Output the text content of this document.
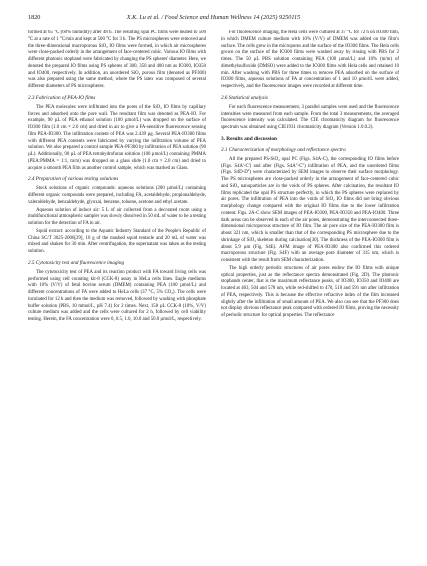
1820	X.K. Lu et al. / Food Science and Human Wellness 14 (2025) 9250115

formed at 65 °C (60% humidity) after 48 h. The resulting opal PC films were heated to 500 °C at a rate of 1 °C/min and kept at 500 °C for 3 h. The PS microspheres were removed and the three-dimensional macroporous SiO₂ IO films were formed, in which air microspheres were close-packed orderly in the arrangement of face-centered cubic. Various IO films with different photonic stopband were fabricated by changing the PS spheres' diameter. Here, we denoted the prepared IO films using PS spheres of 300, 350 and 400 nm as IO300, IO350 and IO400, respectively. In addition, an unordered SiO₂ porous film (denoted as PF300) was also prepared using the same method, where the PS latex was composed of several different diameters of PS microspheres.

2.3 Fabrication of PEA-IO films

The PEA molecules were infiltrated into the pores of the SiO₂ IO films by capillary forces and adsorbed onto the pore wall. The resultant film was denoted as PEA-IO. For example, 90 µL of PEA ethanol solution (100 µmol/L) was dropped on the surface of IO300 film (1.0 cm × 2.0 cm) and dried in air to give a FA-sensitive fluorescence sensing film PEA-IO300. The infiltration content of PEA was 2.439 µg. Several PEA-IO300 films with different PEA contents were fabricated by varying the infiltration volume of PEA solution. We also prepared a control sample PEA-PF300 by infiltration of PEA solution (90 µL). Additionally, 90 µL of PEA tetrahydrofuran solution (100 µmol/L) containing PMMA (PEA:PMMA = 1:1, m/m) was dropped on a glass slide (1.0 cm × 2.0 cm) and dried to acquire a smooth PEA film as another control sample, which was marked as Glass.

2.4 Preparation of various testing solutions

Stock solutions of organic compounds: aqueous solutions (200 µmol/L) containing different organic compounds were prepared, including FA, acetaldehyde, propionaldehyde, valeraldehyde, benzaldehyde, glyoxal, benzene, toluene, acetone and ethyl acetate.

Aqueous solution of indoor air: 5 L of air collected from a decorated room using a multifunctional atmospheric sampler was slowly dissolved in 50 mL of water to be a testing solution for the detection of FA in air.

Squid extract: according to the Aquatic Industry Standard of the People's Republic of China SC/T 3025-2006[29], 10 g of the mashed squid tentacle and 20 mL of water was mixed and shaken for 30 min. After centrifugation, the supernatant was taken as the testing solution.

2.5 Cytotoxicity test and fluorescence imaging

The cytotoxicity test of PEA and its reaction product with FA toward living cells was performed using cell counting kit-8 (CCK-8) assay in HeLa cells lines. Eagle mediums with 10% (V/V) of fetal bovine serum (DMEM) containing PEA (100 µmol/L) and different concentrations of FA were added to HeLa cells (37 °C, 5% CO₂). The cells were incubated for 12 h and then the medium was removed, followed by washing with phosphate buffer solution (PBS, 10 mmol/L, pH 7.4) for 2 times. Next, 150 µL CCK-8 (10%, V/V) culture medium was added and the cells were cultured for 2 h, followed by cell viability testing. Herein, the FA concentration were 0, 0.5, 1.0, 10.0 and 50.0 µmol/L, respectively.

For fluorescence imaging, the Hela cells were cultured at 37 °C for 72 h on IO300 film, in which DMEM culture medium with 10% (V/V) of DMEM was added on the film's surface. The cells grew in the micropores and the surface of the IO300 films. The Hela cells grown on the surface of the IO300 films were washed away by rinsing with PBS for 2 times. The 50 µL PBS solution containing PEA (100 µmol/L) and 10% (m/m) of dimethylsulfoxide (DMSO) were added to the IO300 films with Hela cells and retained 10 min. After washing with PBS for three times to remove PEA adsorbed on the surface of IO300 films, aqueous solutions of FA at concentration of 1 and 10 µmol/L were added, respectively, and the fluorescence images were recorded at different time.

2.6 Statistical analysis

For each fluorescence measurement, 3 parallel samples were used and the fluorescence intensities were measured from each sample. From the total 3 measurements, the averaged fluorescence intensity was calculated. The CIE chromaticity diagram for fluorescence spectrum was obtained using CIE1931 chromaticity diagram (Version 1.0.0.2).

3. Results and discussion
3.1 Characterization of morphology and reflectance spectra

All the prepared PS-SiO₂ opal PC (Figs. S4A-C), the corresponding IO films before (Figs. S4A'-C') and after (Figs. S4A''-C'') infiltration of PEA, and the unordered films (Figs. S4D-D'') were characterized by SEM images to observe their surface morphology. The PS microspheres are close-packed orderly in the arrangement of face-centered cubic and SiO₂ nanoparticles are in the voids of PS spheres. After calcination, the resultant IO films replicated the opal PS structure perfectly, in which the PS spheres were replaced by air pores. The infiltration of PEA into the voids of SiO₂ IO films did not bring obvious morphology change compared with the original IO films due to the lower infiltration content. Figs. 2A-C show SEM images of PEA-IO300, PEA-IO350 and PEA-IO400. Three dark areas can be observed in each of the air pores, demonstrating the interconnected three-dimensional microporous structure of IO film. The air pore size of the PEA-IO300 film is about 321 nm, which is smaller than that of the corresponding PS microsphere due to the shrinkage of SiO₂ skeleton during calcination[30]. The thickness of the PEA-IO300 film is about 5.9 µm (Fig. S4E). AFM image of PEA-IO300 also confirmed this ordered macroporous structure (Fig. S4F) with an average pore diameter of 315 nm, which is consistent with the result from SEM characterization.

The high orderly periodic structures of air pores endow the IO films with unique optical properties, just as the reflectance spectra demonstrated (Fig. 2D). The photonic stopbands center, that is the maximum reflectance peaks, of IO300, IO350 and IO400 are located at 463, 504 and 578 nm, while red-shifted to 470, 510 and 591 nm after infiltration of PEA, respectively. This is because the effective refractive index of the film increased slightly after the infiltration of small amount of PEA. We also can see that the PF300 does not display obvious reflectance peak compared with ordered IO films, proving the necessity of periodic structure for optical properties. The reflectance
